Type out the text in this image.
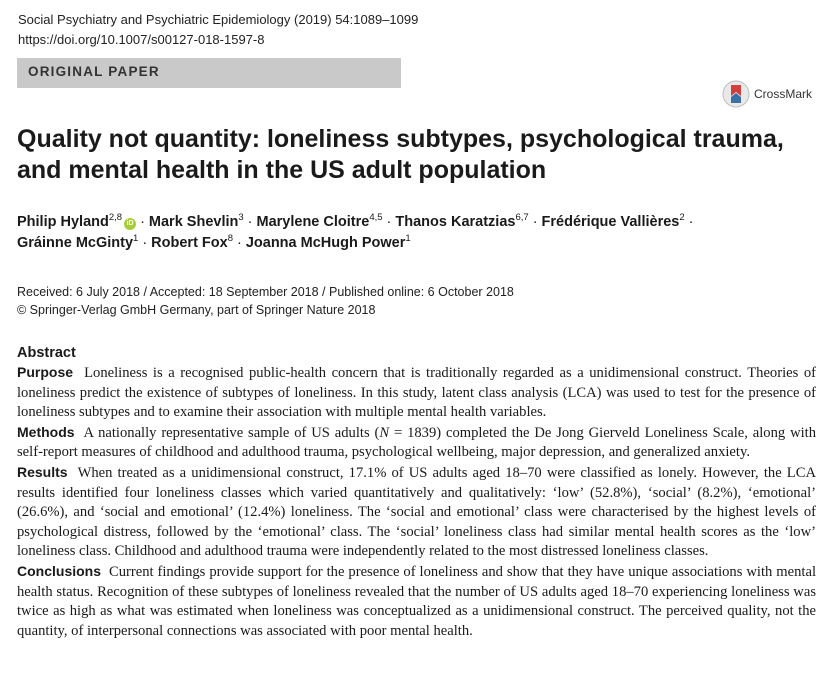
Social Psychiatry and Psychiatric Epidemiology (2019) 54:1089–1099
https://doi.org/10.1007/s00127-018-1597-8
ORIGINAL PAPER
CrossMark
Quality not quantity: loneliness subtypes, psychological trauma,
and mental health in the US adult population
Philip Hyland$^{2,8}$iD · Mark Shevlin$^3$ · Marylene Cloitre$^{4,5}$ · Thanos Karatzias$^{6,7}$ · Frédérique Vallières$^2$ ·
Gráinne McGinty$^1$ · Robert Fox$^8$ · Joanna McHugh Power$^1$
Received: 6 July 2018 / Accepted: 18 September 2018 / Published online: 6 October 2018
© Springer-Verlag GmbH Germany, part of Springer Nature 2018
Abstract

Purpose Loneliness is a recognised public-health concern that is traditionally regarded as a unidimensional construct. Theories of loneliness predict the existence of subtypes of loneliness. In this study, latent class analysis (LCA) was used to test for the presence of loneliness subtypes and to examine their association with multiple mental health variables.

Methods A nationally representative sample of US adults (N = 1839) completed the De Jong Gierveld Loneliness Scale, along with self-report measures of childhood and adulthood trauma, psychological wellbeing, major depression, and generalized anxiety.

Results When treated as a unidimensional construct, 17.1% of US adults aged 18–70 were classified as lonely. However, the LCA results identified four loneliness classes which varied quantitatively and qualitatively: ‘low’ (52.8%), ‘social’ (8.2%), ‘emotional’ (26.6%), and ‘social and emotional’ (12.4%) loneliness. The ‘social and emotional’ class were characterised by the highest levels of psychological distress, followed by the ‘emotional’ class. The ‘social’ loneliness class had similar mental health scores as the ‘low’ loneliness class. Childhood and adulthood trauma were independently related to the most distressed loneliness classes.

Conclusions Current findings provide support for the presence of loneliness and show that they have unique associations with mental health status. Recognition of these subtypes of loneliness revealed that the number of US adults aged 18–70 experiencing loneliness was twice as high as what was estimated when loneliness was conceptualized as a unidimensional construct. The perceived quality, not the quantity, of interpersonal connections was associated with poor mental health.
